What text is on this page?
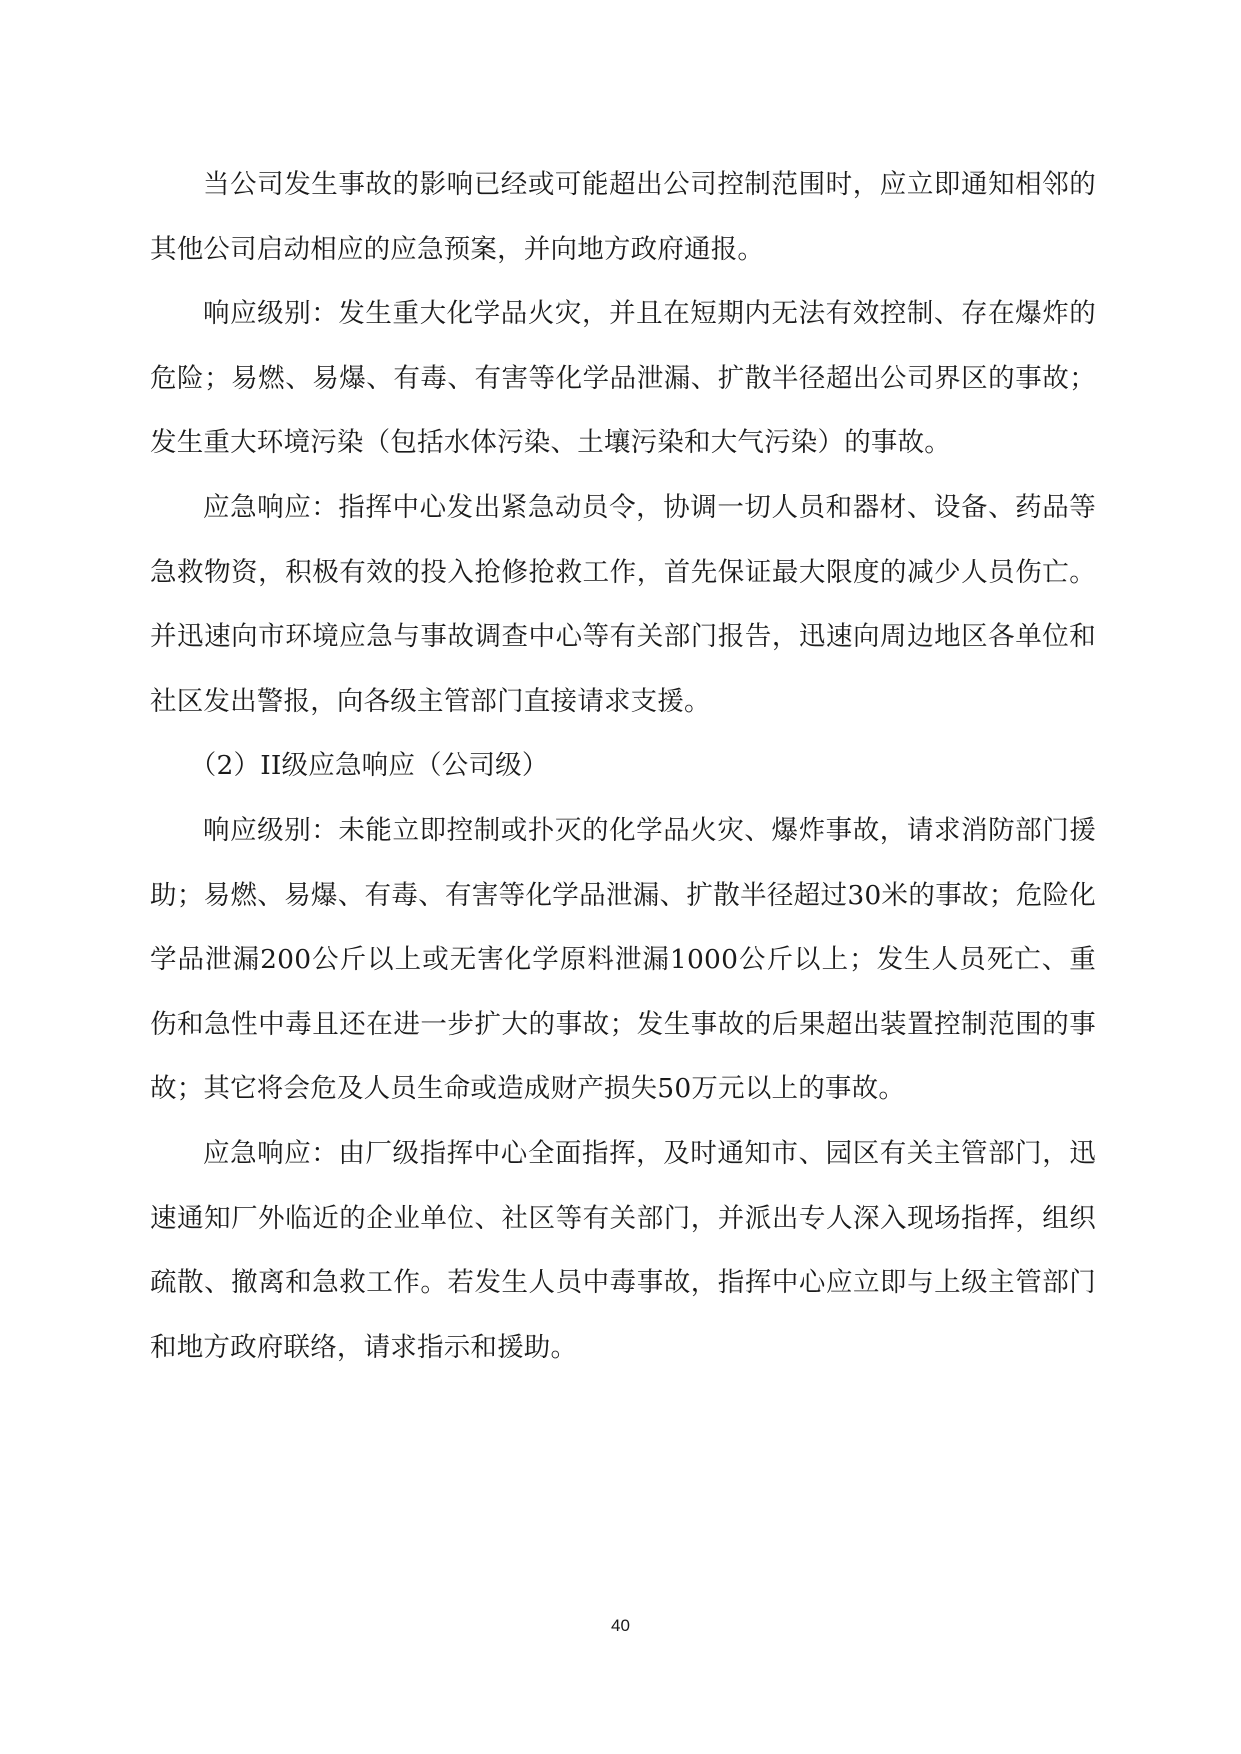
当公司发生事故的影响已经或可能超出公司控制范围时，应立即通知相邻的其他公司启动相应的应急预案，并向地方政府通报。

响应级别：发生重大化学品火灾，并且在短期内无法有效控制、存在爆炸的危险；易燃、易爆、有毒、有害等化学品泄漏、扩散半径超出公司界区的事故；发生重大环境污染（包括水体污染、土壤污染和大气污染）的事故。

应急响应：指挥中心发出紧急动员令，协调一切人员和器材、设备、药品等急救物资，积极有效的投入抢修抢救工作，首先保证最大限度的减少人员伤亡。并迅速向市环境应急与事故调查中心等有关部门报告，迅速向周边地区各单位和社区发出警报，向各级主管部门直接请求支援。

（2）II级应急响应（公司级）

响应级别：未能立即控制或扑灭的化学品火灾、爆炸事故，请求消防部门援助；易燃、易爆、有毒、有害等化学品泄漏、扩散半径超过30米的事故；危险化学品泄漏200公斤以上或无害化学原料泄漏1000公斤以上；发生人员死亡、重伤和急性中毒且还在进一步扩大的事故；发生事故的后果超出装置控制范围的事故；其它将会危及人员生命或造成财产损失50万元以上的事故。

应急响应：由厂级指挥中心全面指挥，及时通知市、园区有关主管部门，迅速通知厂外临近的企业单位、社区等有关部门，并派出专人深入现场指挥，组织疏散、撤离和急救工作。若发生人员中毒事故，指挥中心应立即与上级主管部门和地方政府联络，请求指示和援助。

40
